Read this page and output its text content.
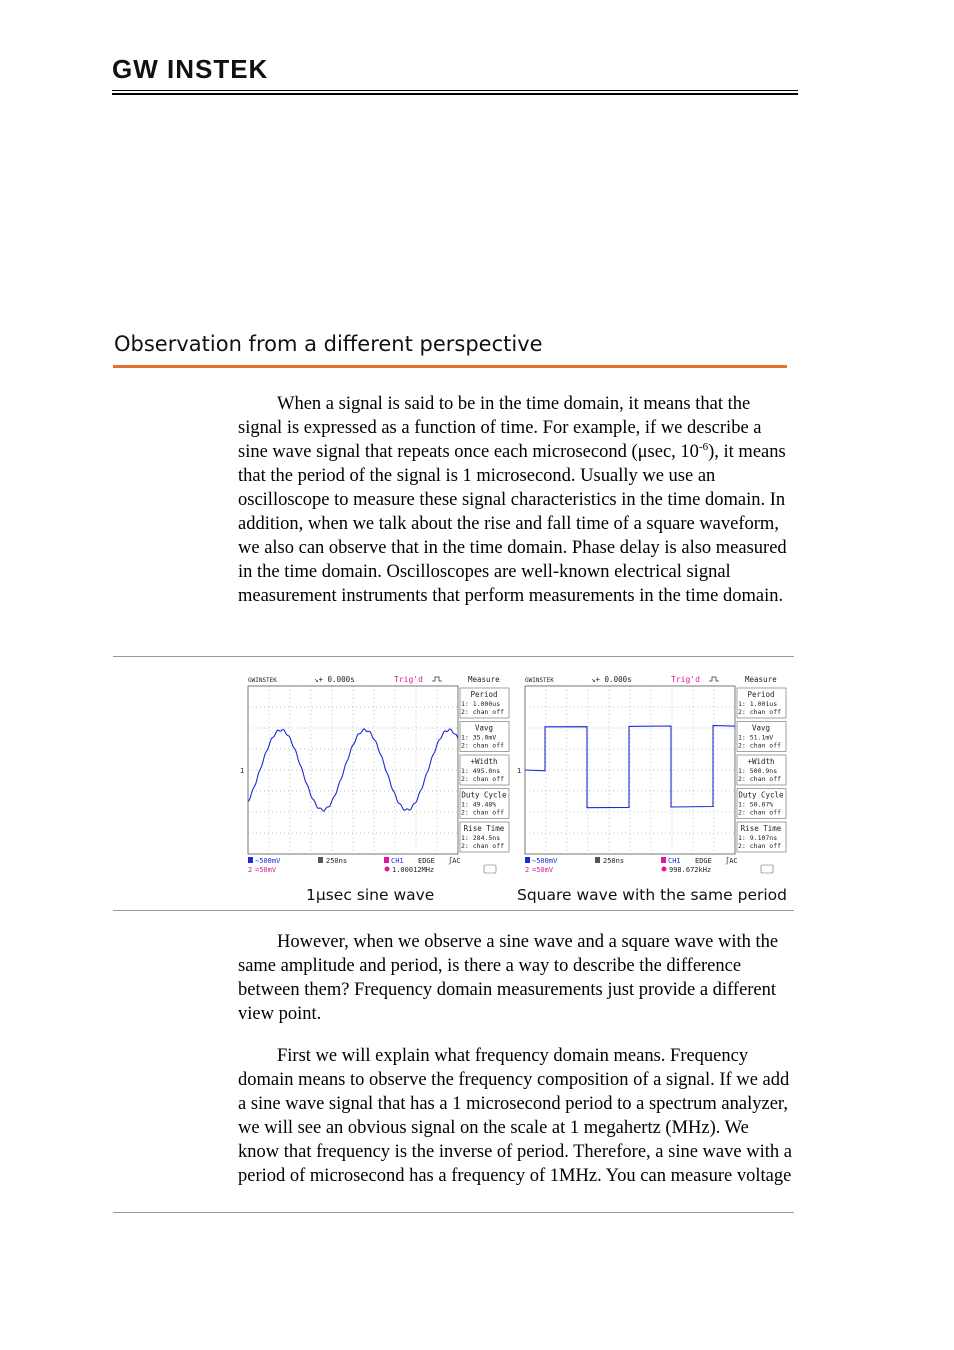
GW INSTEK
Observation from a different perspective

When a signal is said to be in the time domain, it means that the signal is expressed as a function of time. For example, if we describe a sine wave signal that repeats once each microsecond (μsec, $10^{-6}$), it means that the period of the signal is 1 microsecond. Usually we use an oscilloscope to measure these signal characteristics in the time domain. In addition, when we talk about the rise and fall time of a square waveform, we also can observe that in the time domain. Phase delay is also measured in the time domain. Oscilloscopes are well-known electrical signal measurement instruments that perform measurements in the time domain.

GWINSTEK	↘+ 0.000s	Trig'd
1
Measure
Period
1: 1.000us
2: chan off
Vavg
1: 35.0mV
2: chan off
+Width
1: 495.0ns
2: chan off
Duty Cycle
1: 49.48%
2: chan off
Rise Time
1: 284.5ns
2: chan off
∼500mV
2 =50mV
250ns	CH1 EDGE ∫AC
1.00012MHz
GWINSTEK	↘+ 0.000s	Trig'd
1
Measure
Period
1: 1.001us
2: chan off
Vavg
1: 51.1mV
2: chan off
+Width
1: 500.9ns
2: chan off
Duty Cycle
1: 50.07%
2: chan off
Rise Time
1: 9.107ns
2: chan off
∼500mV
2 =50mV
250ns	CH1 EDGE ∫AC
998.672kHz
1μsec sine wave	Square wave with the same period

However, when we observe a sine wave and a square wave with the same amplitude and period, is there a way to describe the difference between them? Frequency domain measurements just provide a different view point.

First we will explain what frequency domain means. Frequency domain means to observe the frequency composition of a signal. If we add a sine wave signal that has a 1 microsecond period to a spectrum analyzer, we will see an obvious signal on the scale at 1 megahertz (MHz). We know that frequency is the inverse of period. Therefore, a sine wave with a period of microsecond has a frequency of 1MHz. You can measure voltage
